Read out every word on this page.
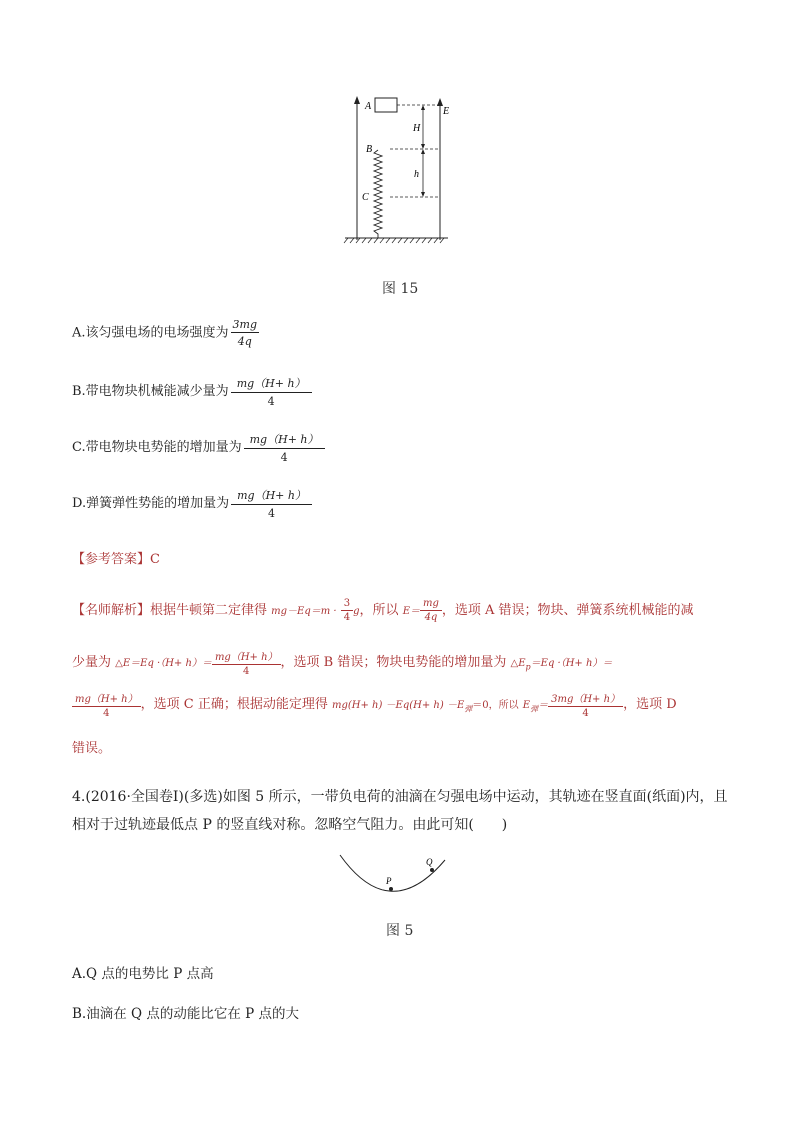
A
B
C
E
H
h
图 15
A.该匀强电场的电场强度为 $\frac{3mg}{4q}$
B.带电物块机械能减少量为 $\frac{mg(H+ h)}{4}$
C.带电物块电势能的增加量为 $\frac{mg(H+ h)}{4}$
D.弹簧弹性势能的增加量为 $\frac{mg(H+ h)}{4}$
【参考答案】C
【名师解析】根据牛顿第二定律得 $mg-Eq=m \cdot \frac{3}{4}$ g，所以 $E= \frac{mg}{4q}$ ，选项 A 错误；物块、弹簧系统机械能的减
少量为 △E＝Eq $\cdot(H+ h)= \frac{mg(H+ h)}{4}$ ，选项 B 错误；物块电势能的增加量为 $\triangle E_p=Eq \cdot(H+ h)=$
$\frac{mg(H+ h)}{4}$ ，选项 C 正确；根据动能定理得 $mg(H+ h) -Eq(H+ h) -E_弹=0$，所以 $E_弹= \frac{3mg(H+ h)}{4}$ ，选项 D
错误。
4.(2016·全国卷Ⅰ)(多选)如图 5 所示，一带负电荷的油滴在匀强电场中运动，其轨迹在竖直面(纸面)内，且
相对于过轨迹最低点 P 的竖直线对称。忽略空气阻力。由此可知(　　)
P
Q
图 5
A.Q 点的电势比 P 点高
B.油滴在 Q 点的动能比它在 P 点的大
